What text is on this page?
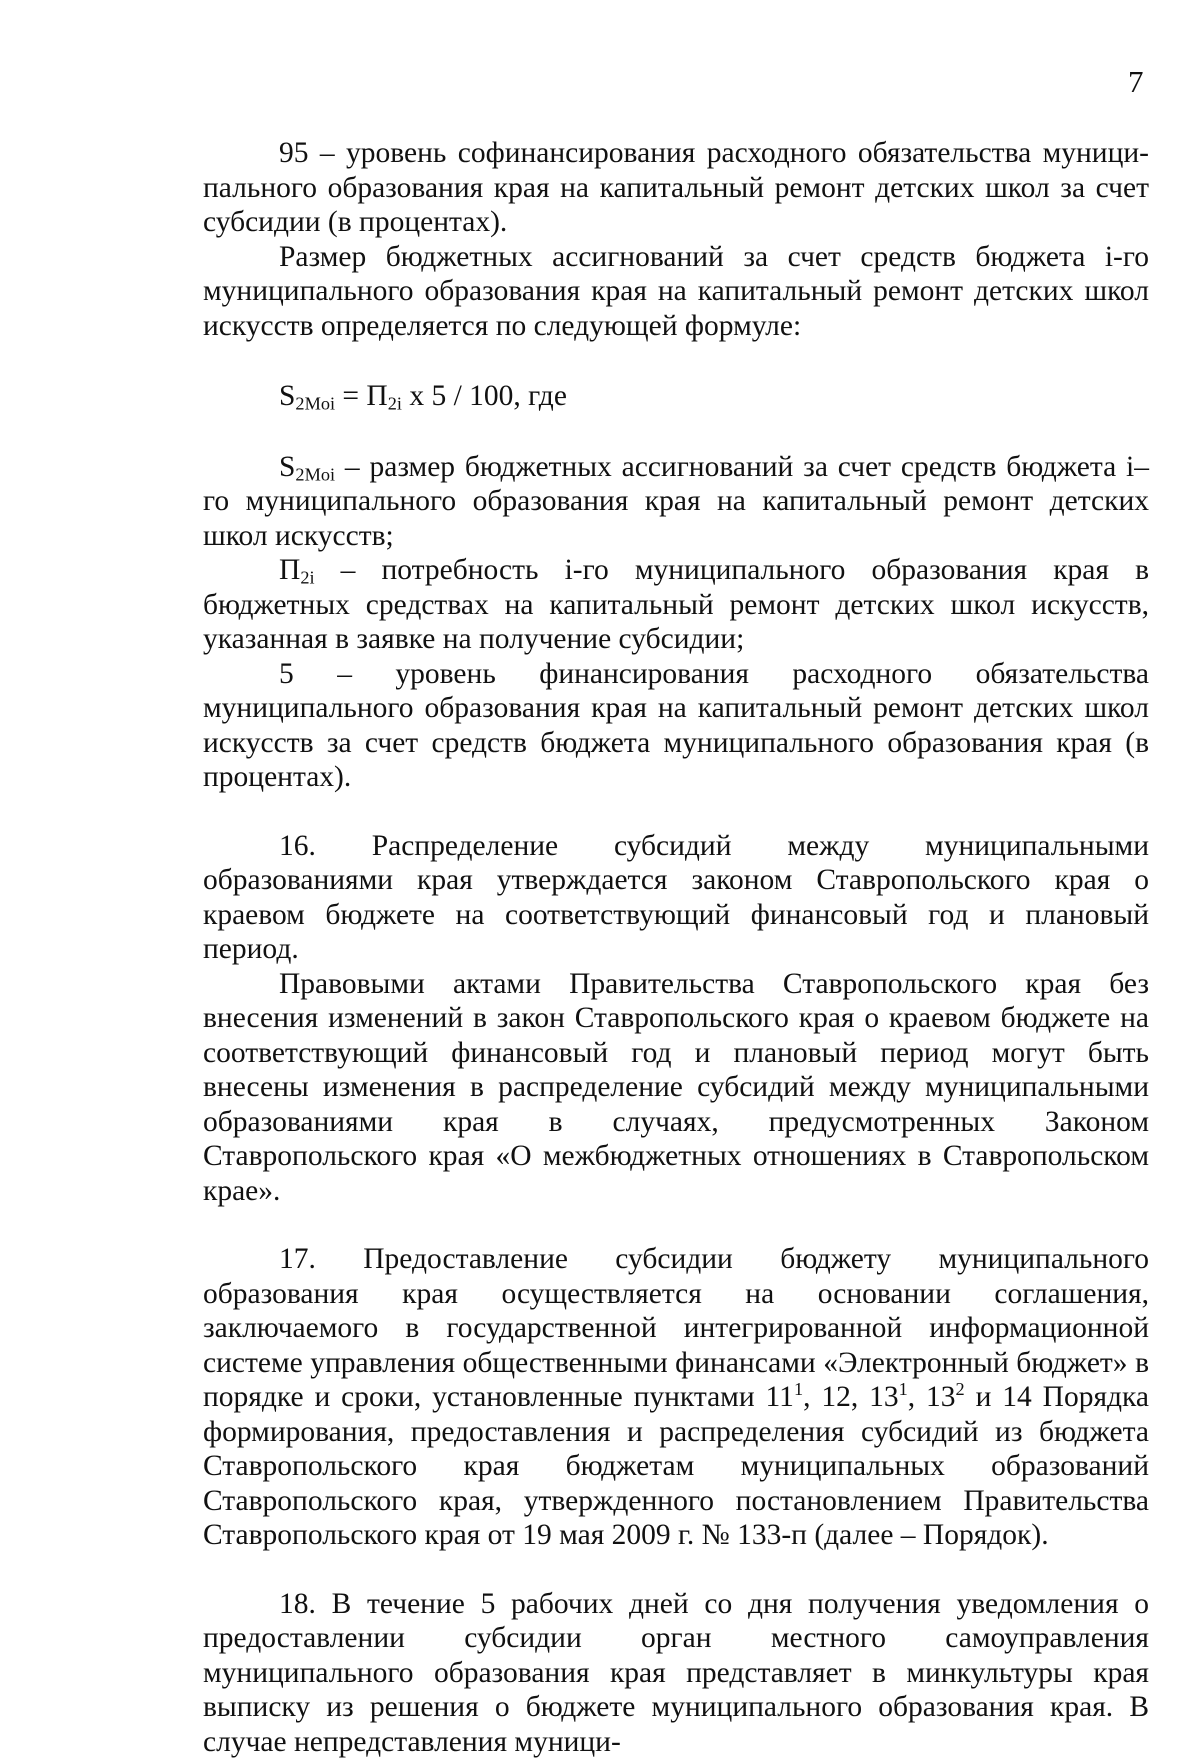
7

95 – уровень софинансирования расходного обязательства муниципального образования края на капитальный ремонт детских школ за счет субсидии (в процентах).

Размер бюджетных ассигнований за счет средств бюджета i-го муниципального образования края на капитальный ремонт детских школ искусств определяется по следующей формуле:

$S_{2Moi} = П_{2i}$ x 5 / 100, где

$S_{2Moi}$ – размер бюджетных ассигнований за счет средств бюджета i– го муниципального образования края на капитальный ремонт детских школ искусств;

$П_{2i}$ – потребность i-го муниципального образования края в бюджетных средствах на капитальный ремонт детских школ искусств, указанная в заявке на получение субсидии;

5 – уровень финансирования расходного обязательства муниципального образования края на капитальный ремонт детских школ искусств за счет средств бюджета муниципального образования края (в процентах).

16. Распределение субсидий между муниципальными образованиями края утверждается законом Ставропольского края о краевом бюджете на соответствующий финансовый год и плановый период.

Правовыми актами Правительства Ставропольского края без внесения изменений в закон Ставропольского края о краевом бюджете на соответствующий финансовый год и плановый период могут быть внесены изменения в распределение субсидий между муниципальными образованиями края в случаях, предусмотренных Законом Ставропольского края «О межбюджетных отношениях в Ставропольском крае».

17. Предоставление субсидии бюджету муниципального образования края осуществляется на основании соглашения, заключаемого в государственной интегрированной информационной системе управления общественными финансами «Электронный бюджет» в порядке и сроки, установленные пунктами $11^1$, 12, $13^1$, $13^2$ и 14 Порядка формирования, предоставления и распределения субсидий из бюджета Ставропольского края бюджетам муниципальных образований Ставропольского края, утвержденного постановлением Правительства Ставропольского края от 19 мая 2009 г. № 133-п (далее – Порядок).

18. В течение 5 рабочих дней со дня получения уведомления о предоставлении субсидии орган местного самоуправления муниципального образования края представляет в минкультуры края выписку из решения о бюджете муниципального образования края. В случае непредставления муници-
